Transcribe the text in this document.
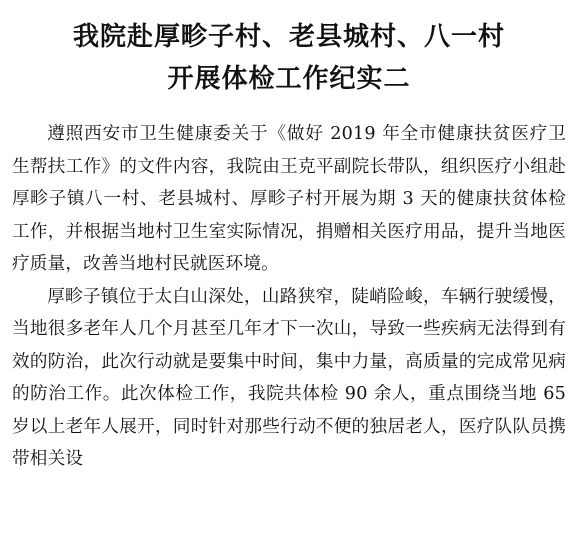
我院赴厚畛子村、老县城村、八一村
开展体检工作纪实二

遵照西安市卫生健康委关于《做好 2019 年全市健康扶贫医疗卫生帮扶工作》的文件内容，我院由王克平副院长带队，组织医疗小组赴厚畛子镇八一村、老县城村、厚畛子村开展为期 3 天的健康扶贫体检工作，并根据当地村卫生室实际情况，捐赠相关医疗用品，提升当地医疗质量，改善当地村民就医环境。

厚畛子镇位于太白山深处，山路狭窄，陡峭险峻，车辆行驶缓慢，当地很多老年人几个月甚至几年才下一次山，导致一些疾病无法得到有效的防治，此次行动就是要集中时间，集中力量，高质量的完成常见病的防治工作。此次体检工作，我院共体检 90 余人，重点围绕当地 65 岁以上老年人展开，同时针对那些行动不便的独居老人，医疗队队员携带相关设
